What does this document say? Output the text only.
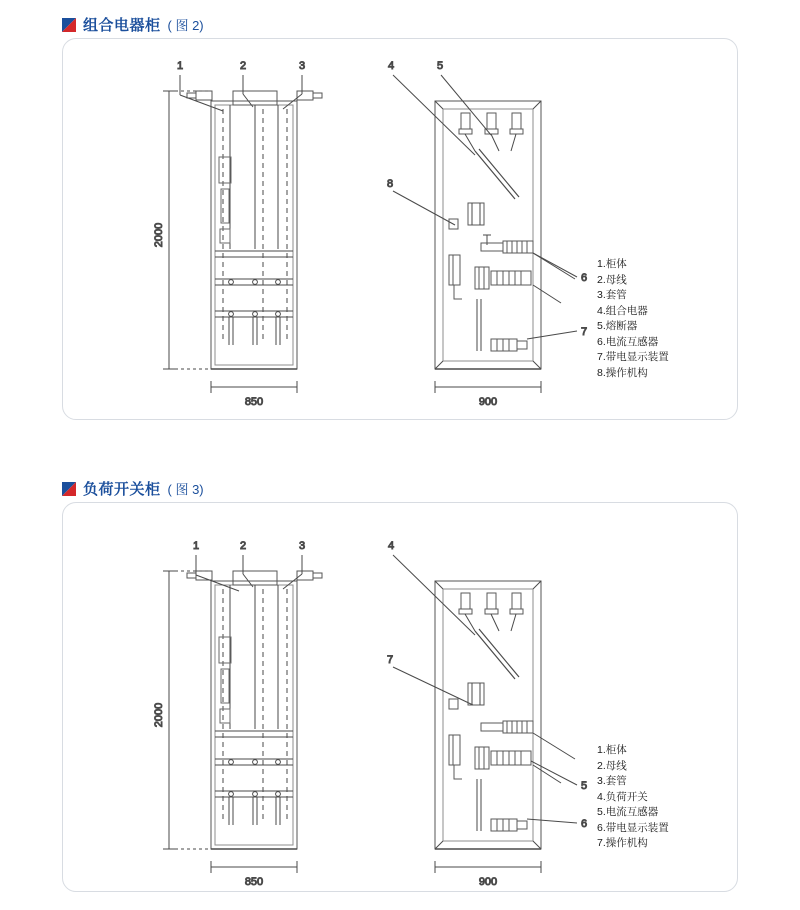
组合电器柜 ( 图 2)
2000
850
1	2	3
900
4	5
8
6
7
1.柜体
2.母线
3.套管
4.组合电器
5.熔断器
6.电流互感器
7.带电显示装置
8.操作机构
负荷开关柜 ( 图 3)
2000
850
1	2	3
900
4
7
5
6
1.柜体
2.母线
3.套管
4.负荷开关
5.电流互感器
6.带电显示装置
7.操作机构
